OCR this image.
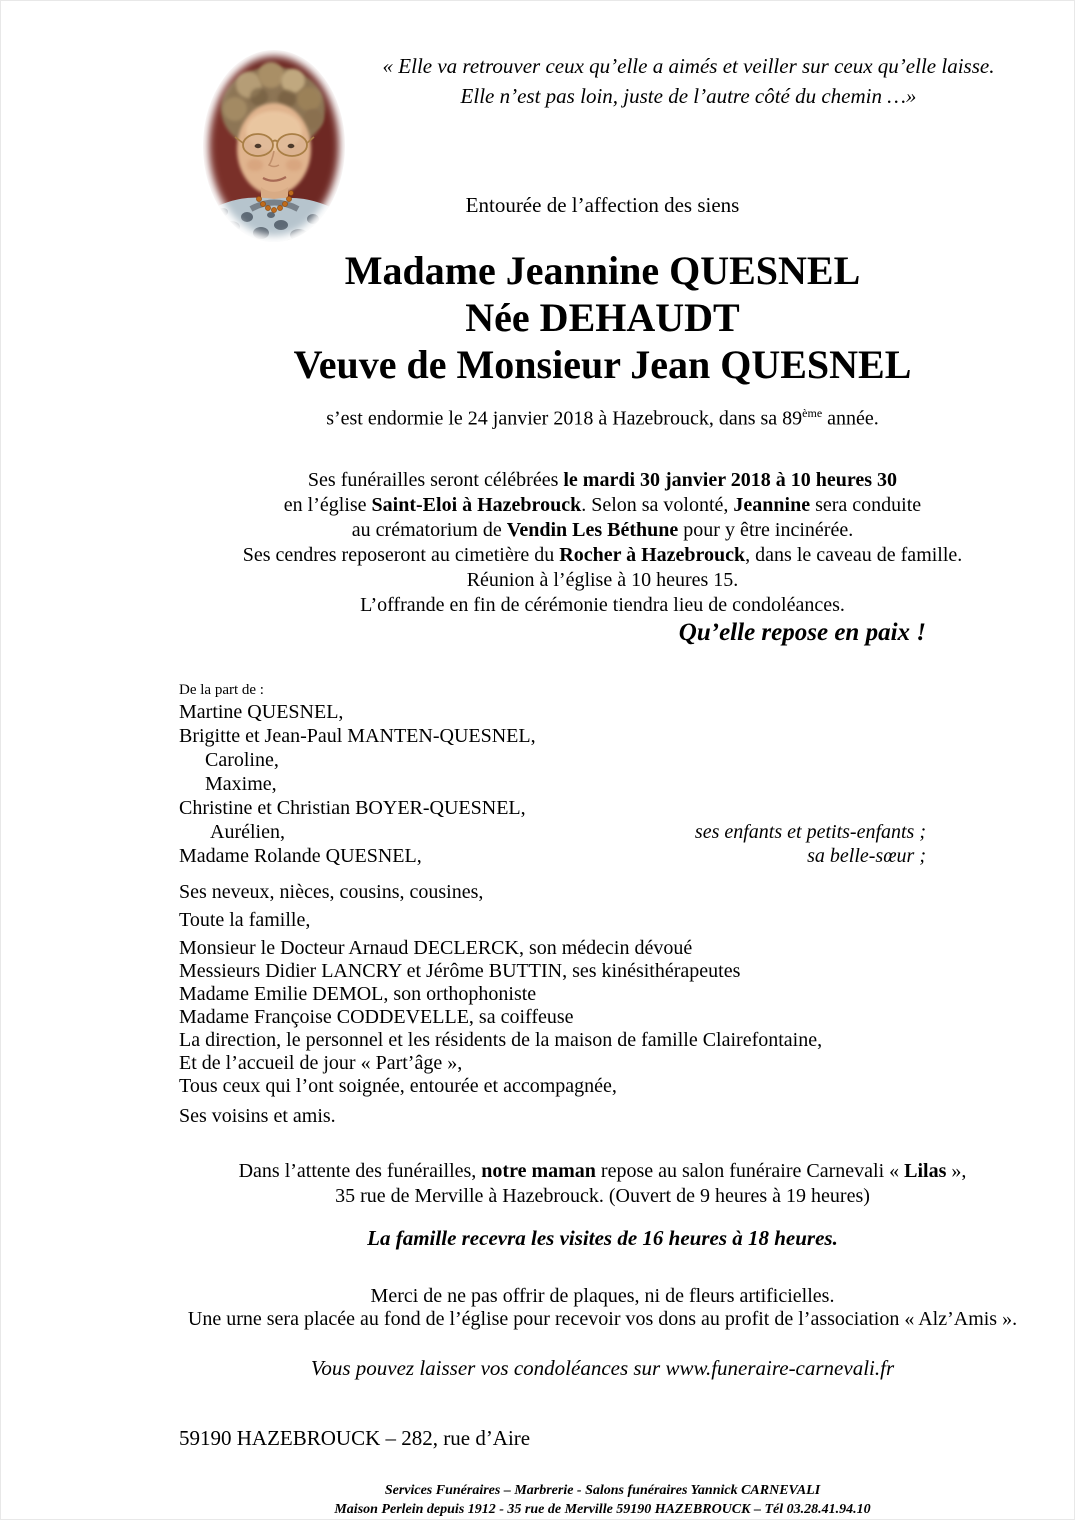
« Elle va retrouver ceux qu’elle a aimés et veiller sur ceux qu’elle laisse.
Elle n’est pas loin, juste de l’autre côté du chemin …»
Entourée de l’affection des siens
Madame Jeannine QUESNEL
Née DEHAUDT
Veuve de Monsieur Jean QUESNEL
s’est endormie le 24 janvier 2018 à Hazebrouck, dans sa 89ème année.
Ses funérailles seront célébrées le mardi 30 janvier 2018 à 10 heures 30
en l’église Saint-Eloi à Hazebrouck. Selon sa volonté, Jeannine sera conduite
au crématorium de Vendin Les Béthune pour y être incinérée.
Ses cendres reposeront au cimetière du Rocher à Hazebrouck, dans le caveau de famille.
Réunion à l’église à 10 heures 15.
L’offrande en fin de cérémonie tiendra lieu de condoléances.
Qu’elle repose en paix !
De la part de :
Martine QUESNEL,
Brigitte et Jean-Paul MANTEN-QUESNEL,
Caroline,
Maxime,
Christine et Christian BOYER-QUESNEL,
Aurélien,	ses enfants et petits-enfants ;
Madame Rolande QUESNEL,	sa belle-sœur ;
Ses neveux, nièces, cousins, cousines,
Toute la famille,
Monsieur le Docteur Arnaud DECLERCK, son médecin dévoué
Messieurs Didier LANCRY et Jérôme BUTTIN, ses kinésithérapeutes
Madame Emilie DEMOL, son orthophoniste
Madame Françoise CODDEVELLE, sa coiffeuse
La direction, le personnel et les résidents de la maison de famille Clairefontaine,
Et de l’accueil de jour « Part’âge »,
Tous ceux qui l’ont soignée, entourée et accompagnée,
Ses voisins et amis.
Dans l’attente des funérailles, notre maman repose au salon funéraire Carnevali « Lilas »,
35 rue de Merville à Hazebrouck. (Ouvert de 9 heures à 19 heures)
La famille recevra les visites de 16 heures à 18 heures.
Merci de ne pas offrir de plaques, ni de fleurs artificielles.
Une urne sera placée au fond de l’église pour recevoir vos dons au profit de l’association « Alz’Amis ».
Vous pouvez laisser vos condoléances sur www.funeraire-carnevali.fr
59190 HAZEBROUCK – 282, rue d’Aire
Services Funéraires – Marbrerie - Salons funéraires Yannick CARNEVALI
Maison Perlein depuis 1912 - 35 rue de Merville 59190 HAZEBROUCK – Tél 03.28.41.94.10
